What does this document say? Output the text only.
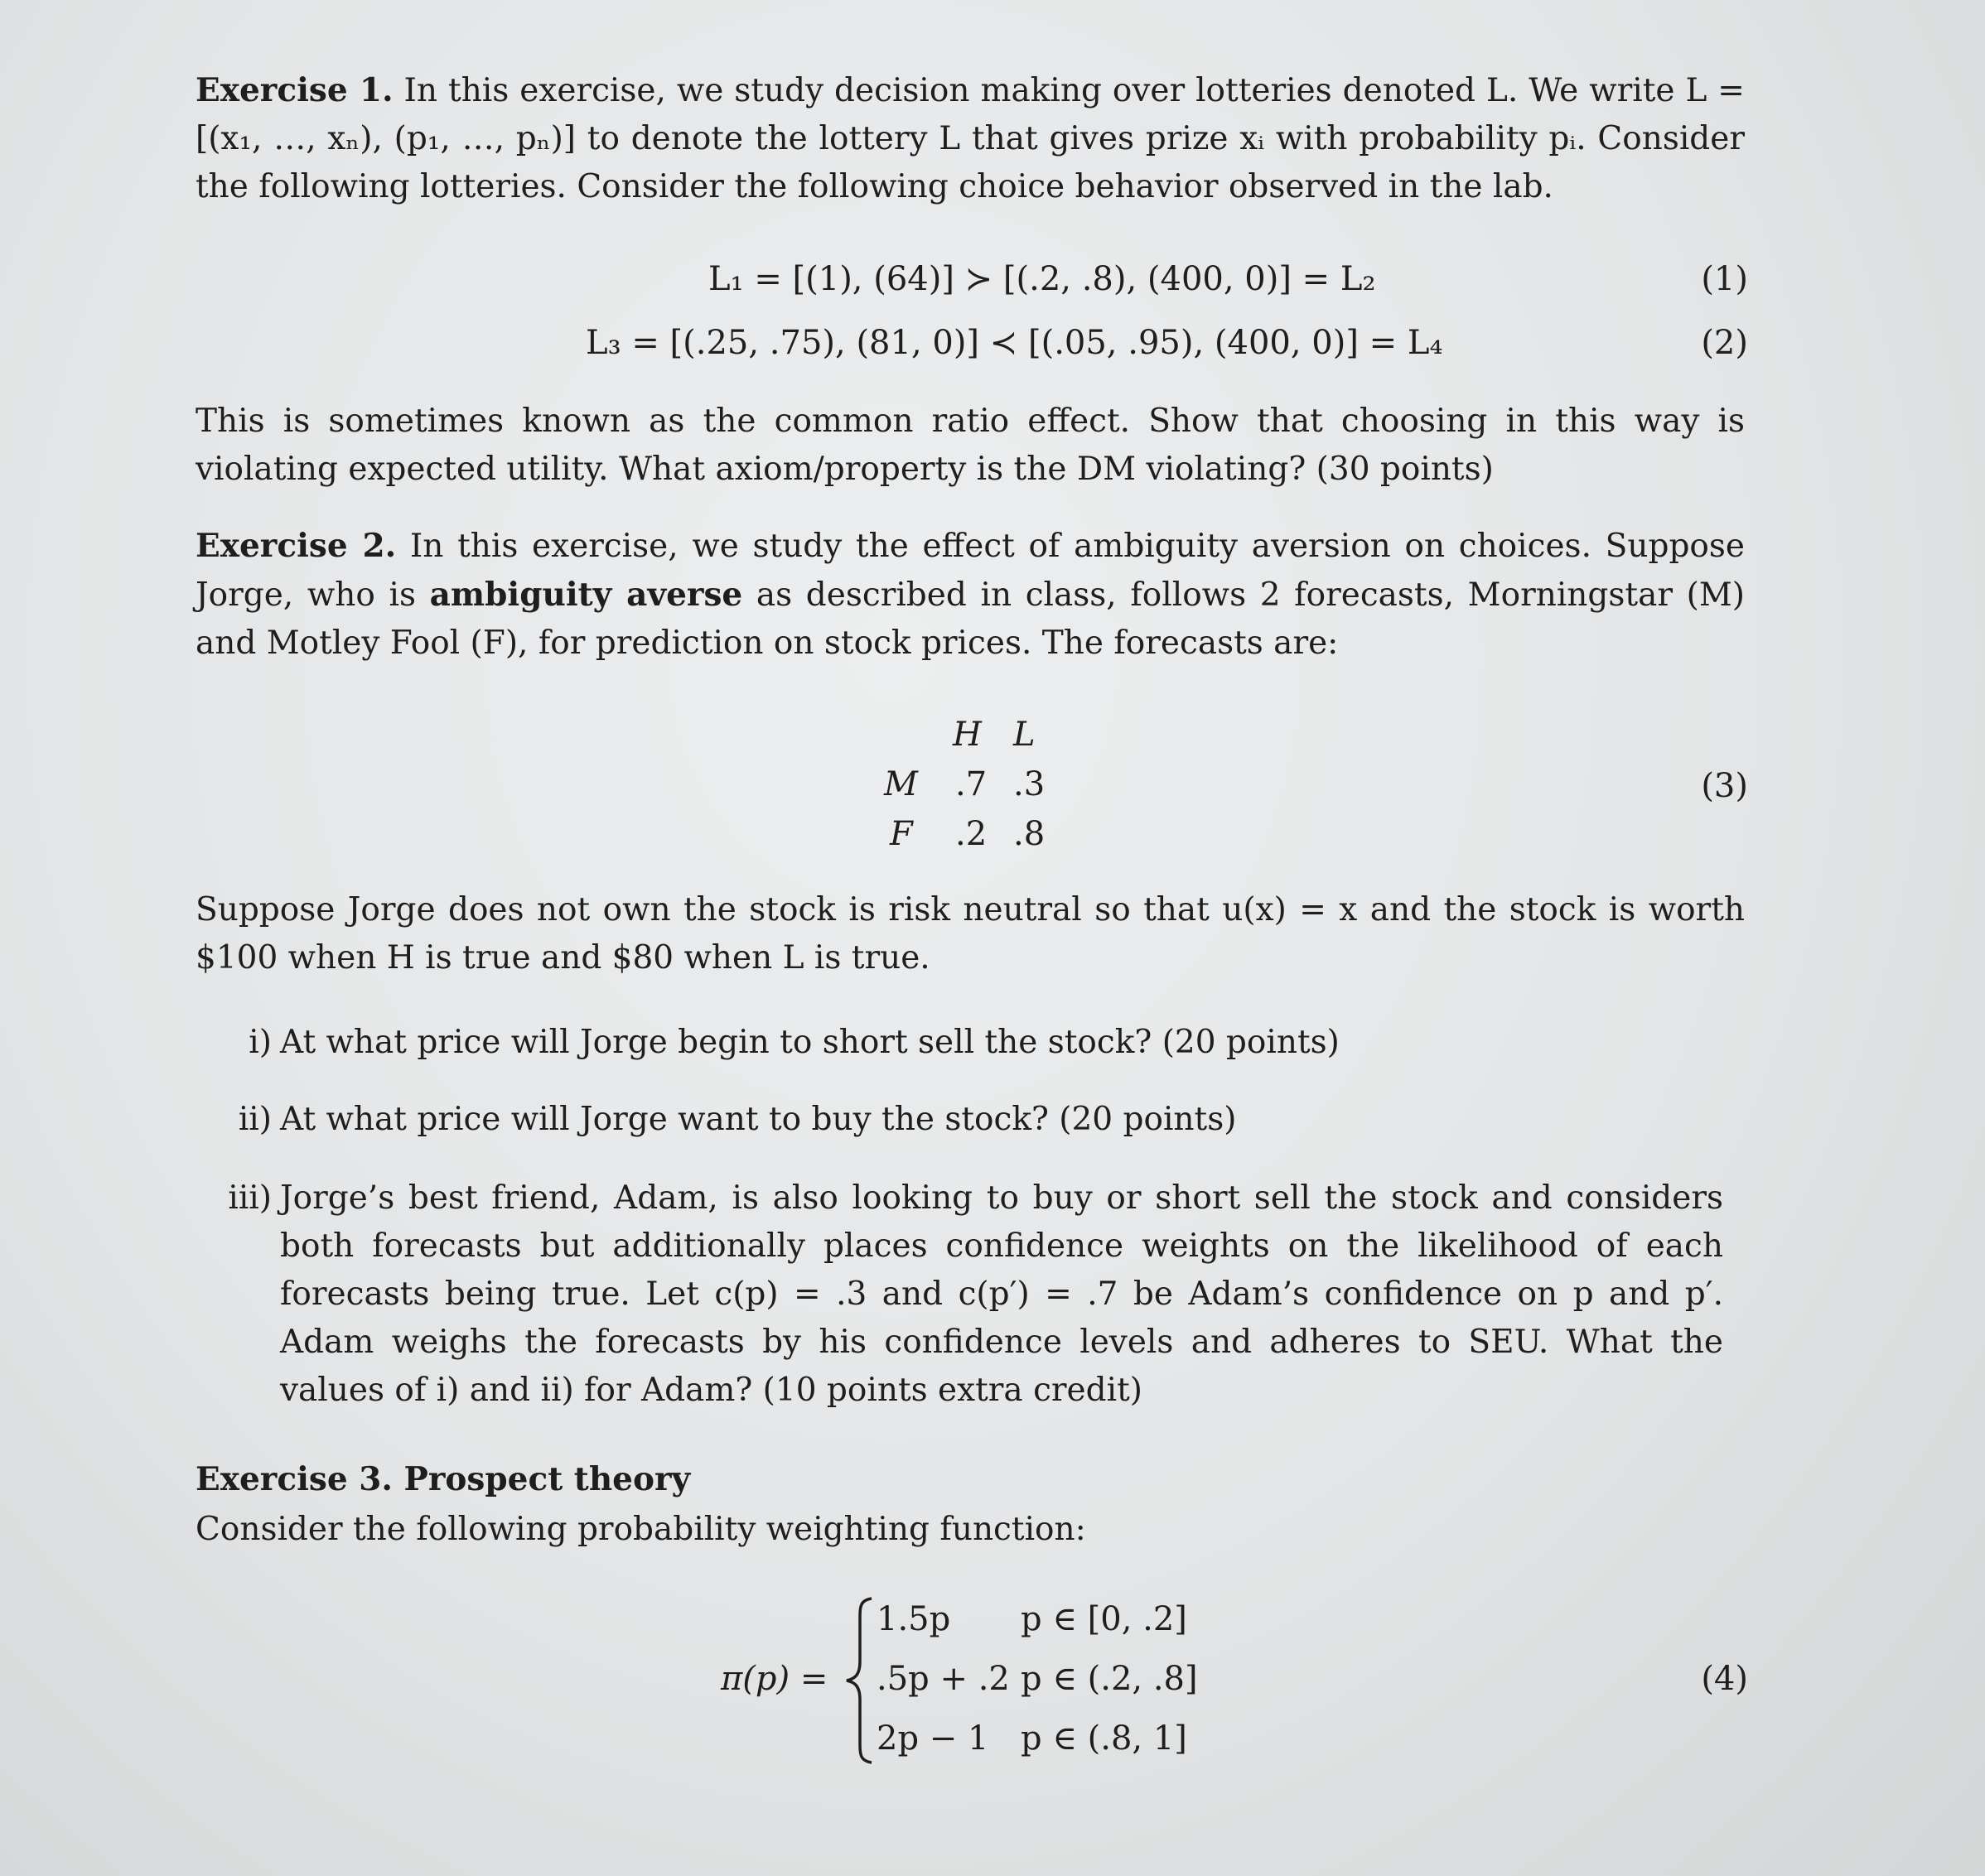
Exercise 1. In this exercise, we study decision making over lotteries denoted L. We write L = [(x₁, …, xₙ), (p₁, …, pₙ)] to denote the lottery L that gives prize xᵢ with probability pᵢ. Consider the following lotteries. Consider the following choice behavior observed in the lab.
L₁ = [(1), (64)] ≻ [(.2, .8), (400, 0)] = L₂	(1)
L₃ = [(.25, .75), (81, 0)] ≺ [(.05, .95), (400, 0)] = L₄	(2)
This is sometimes known as the common ratio effect. Show that choosing in this way is violating expected utility. What axiom/property is the DM violating? (30 points)
Exercise 2. In this exercise, we study the effect of ambiguity aversion on choices. Suppose Jorge, who is ambiguity averse as described in class, follows 2 forecasts, Morningstar (M) and Motley Fool (F), for prediction on stock prices. The forecasts are:
H L
M .7 .3
F .2 .8
(3)
Suppose Jorge does not own the stock is risk neutral so that u(x) = x and the stock is worth $100 when H is true and $80 when L is true.
i) At what price will Jorge begin to short sell the stock? (20 points)
ii) At what price will Jorge want to buy the stock? (20 points)
iii) Jorge’s best friend, Adam, is also looking to buy or short sell the stock and considers both forecasts but additionally places confidence weights on the likelihood of each forecasts being true. Let c(p) = .3 and c(p′) = .7 be Adam’s confidence on p and p′. Adam weighs the forecasts by his confidence levels and adheres to SEU. What the values of i) and ii) for Adam? (10 points extra credit)
Exercise 3. Prospect theory
Consider the following probability weighting function:
π(p) =
1.5p p ∈ [0, .2]
.5p + .2 p ∈ (.2, .8]
2p − 1 p ∈ (.8, 1]
(4)
